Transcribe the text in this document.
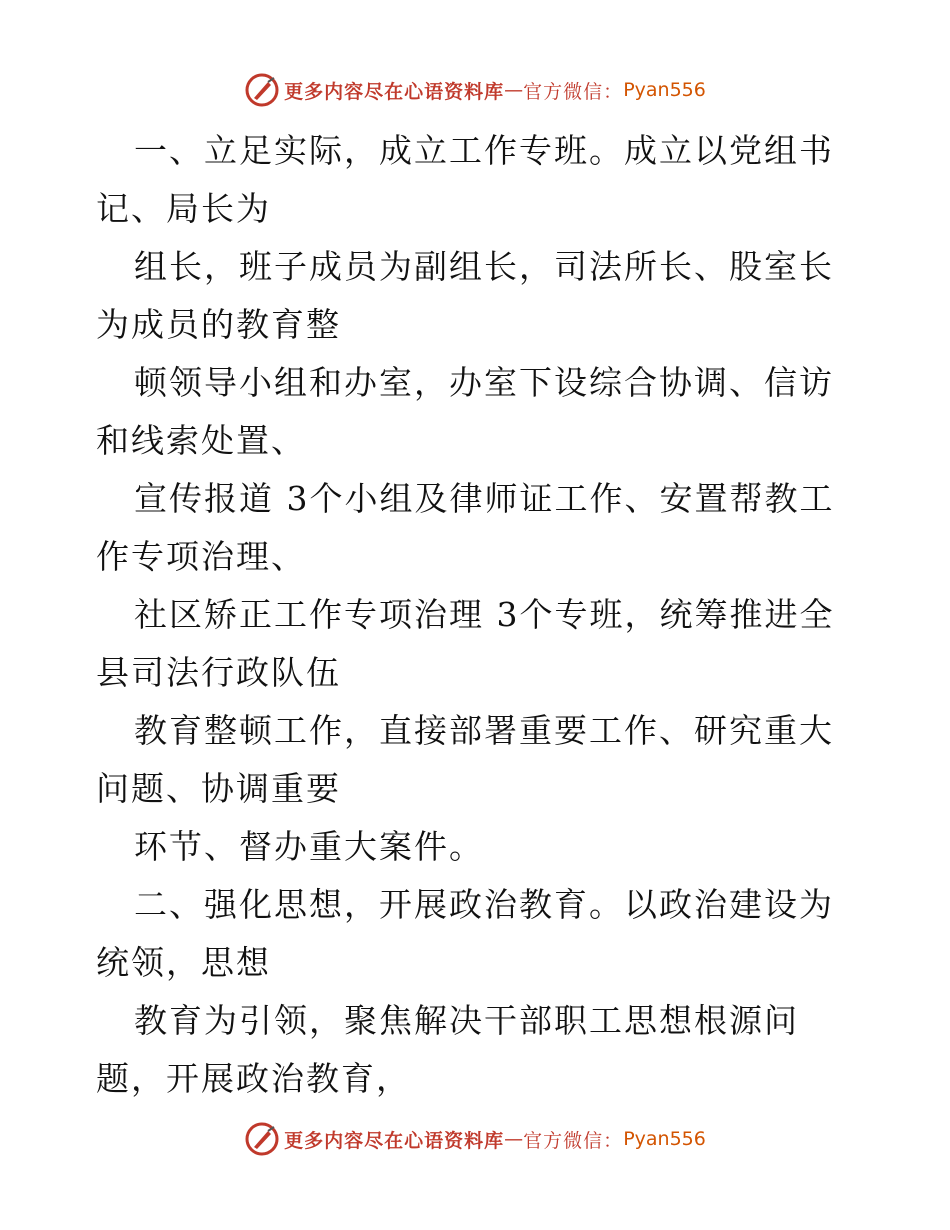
更多内容尽在心语资料库 — 官方微信： Pyan556

一、立足实际，成立工作专班。成立以党组书记、局长为

组长，班子成员为副组长，司法所长、股室长为成员的教育整

顿领导小组和办室，办室下设综合协调、信访和线索处置、

宣传报道 3个小组及律师证工作、安置帮教工作专项治理、

社区矫正工作专项治理 3个专班，统筹推进全县司法行政队伍

教育整顿工作，直接部署重要工作、研究重大问题、协调重要

环节、督办重大案件。

二、强化思想，开展政治教育。以政治建设为统领，思想

教育为引领，聚焦解决干部职工思想根源问题，开展政治教育，

更多内容尽在心语资料库 — 官方微信： Pyan556
